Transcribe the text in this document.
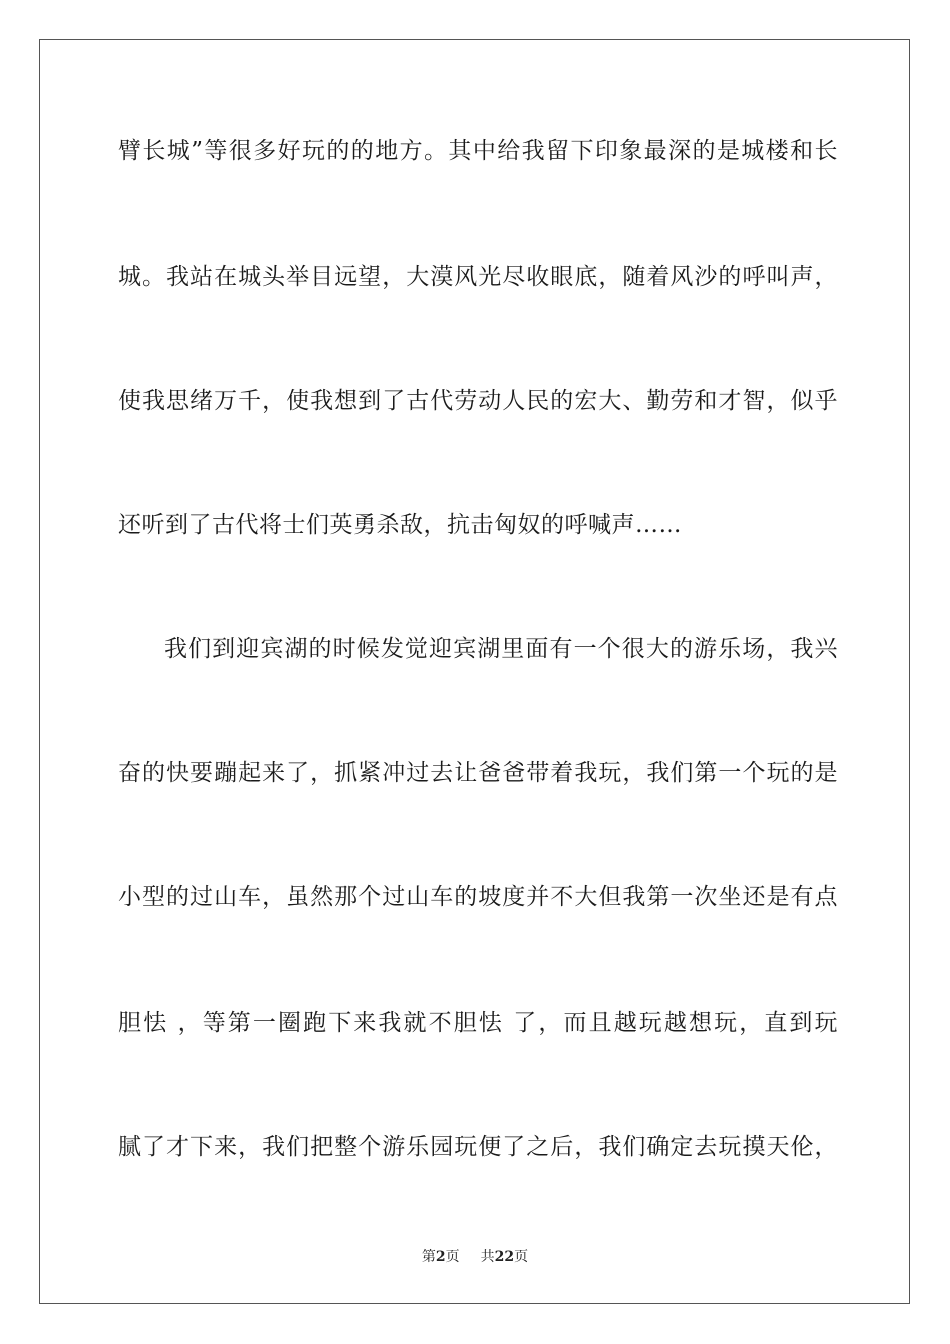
臂长城”等很多好玩的的地方。其中给我留下印象最深的是城楼和长
城。我站在城头举目远望，大漠风光尽收眼底，随着风沙的呼叫声，
使我思绪万千，使我想到了古代劳动人民的宏大、勤劳和才智，似乎
还听到了古代将士们英勇杀敌，抗击匈奴的呼喊声……
我们到迎宾湖的时候发觉迎宾湖里面有一个很大的游乐场，我兴
奋的快要蹦起来了，抓紧冲过去让爸爸带着我玩，我们第一个玩的是
小型的过山车，虽然那个过山车的坡度并不大但我第一次坐还是有点
胆怯 ，等第一圈跑下来我就不胆怯 了，而且越玩越想玩，直到玩
腻了才下来，我们把整个游乐园玩便了之后，我们确定去玩摸天伦，
第2页 共22页
